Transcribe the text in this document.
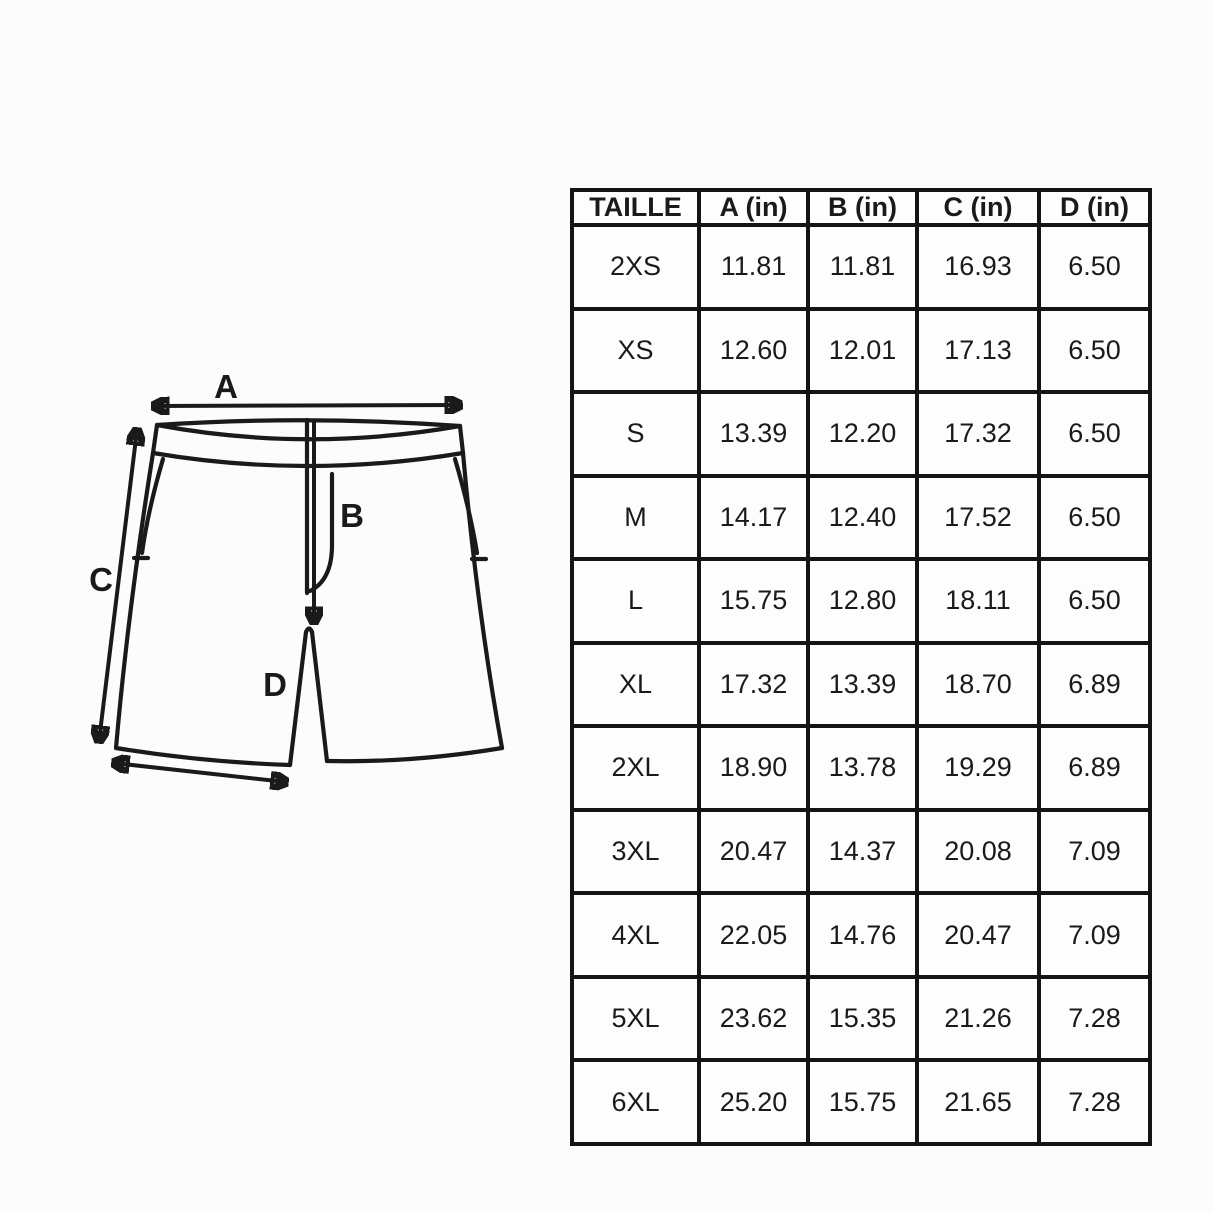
A
B
C
D
TAILLE	A (in)	B (in)	C (in)	D (in)
2XS	11.81	11.81	16.93	6.50
XS	12.60	12.01	17.13	6.50
S	13.39	12.20	17.32	6.50
M	14.17	12.40	17.52	6.50
L	15.75	12.80	18.11	6.50
XL	17.32	13.39	18.70	6.89
2XL	18.90	13.78	19.29	6.89
3XL	20.47	14.37	20.08	7.09
4XL	22.05	14.76	20.47	7.09
5XL	23.62	15.35	21.26	7.28
6XL	25.20	15.75	21.65	7.28
